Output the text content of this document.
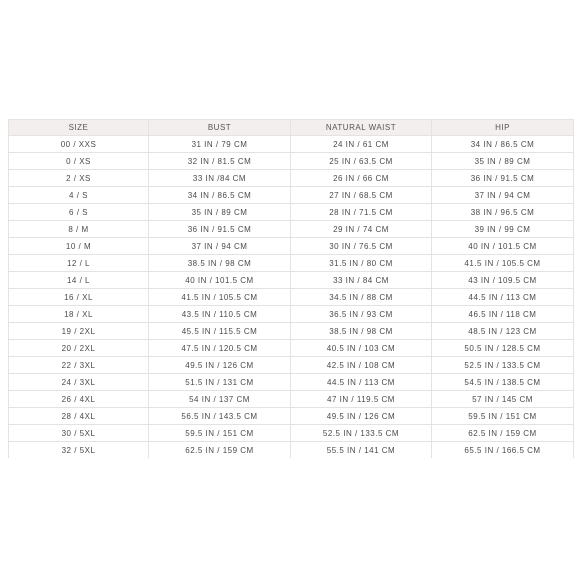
SIZE	BUST	NATURAL WAIST	HIP
00 / XXS	31 IN / 79 CM	24 IN / 61 CM	34 IN / 86.5 CM
0 / XS	32 IN / 81.5 CM	25 IN / 63.5 CM	35 IN / 89 CM
2 / XS	33 IN /84 CM	26 IN / 66 CM	36 IN / 91.5 CM
4 / S	34 IN / 86.5 CM	27 IN / 68.5 CM	37 IN / 94 CM
6 / S	35 IN / 89 CM	28 IN / 71.5 CM	38 IN / 96.5 CM
8 / M	36 IN / 91.5 CM	29 IN / 74 CM	39 IN / 99 CM
10 / M	37 IN / 94 CM	30 IN / 76.5 CM	40 IN / 101.5 CM
12 / L	38.5 IN / 98 CM	31.5 IN / 80 CM	41.5 IN / 105.5 CM
14 / L	40 IN / 101.5 CM	33 IN / 84 CM	43 IN / 109.5 CM
16 / XL	41.5 IN / 105.5 CM	34.5 IN / 88 CM	44.5 IN / 113 CM
18 / XL	43.5 IN / 110.5 CM	36.5 IN / 93 CM	46.5 IN / 118 CM
19 / 2XL	45.5 IN / 115.5 CM	38.5 IN / 98 CM	48.5 IN / 123 CM
20 / 2XL	47.5 IN / 120.5 CM	40.5 IN / 103 CM	50.5 IN / 128.5 CM
22 / 3XL	49.5 IN / 126 CM	42.5 IN / 108 CM	52.5 IN / 133.5 CM
24 / 3XL	51.5 IN / 131 CM	44.5 IN / 113 CM	54.5 IN / 138.5 CM
26 / 4XL	54 IN / 137 CM	47 IN / 119.5 CM	57 IN / 145 CM
28 / 4XL	56.5 IN / 143.5 CM	49.5 IN / 126 CM	59.5 IN / 151 CM
30 / 5XL	59.5 IN / 151 CM	52.5 IN / 133.5 CM	62.5 IN / 159 CM
32 / 5XL	62.5 IN / 159 CM	55.5 IN / 141 CM	65.5 IN / 166.5 CM
